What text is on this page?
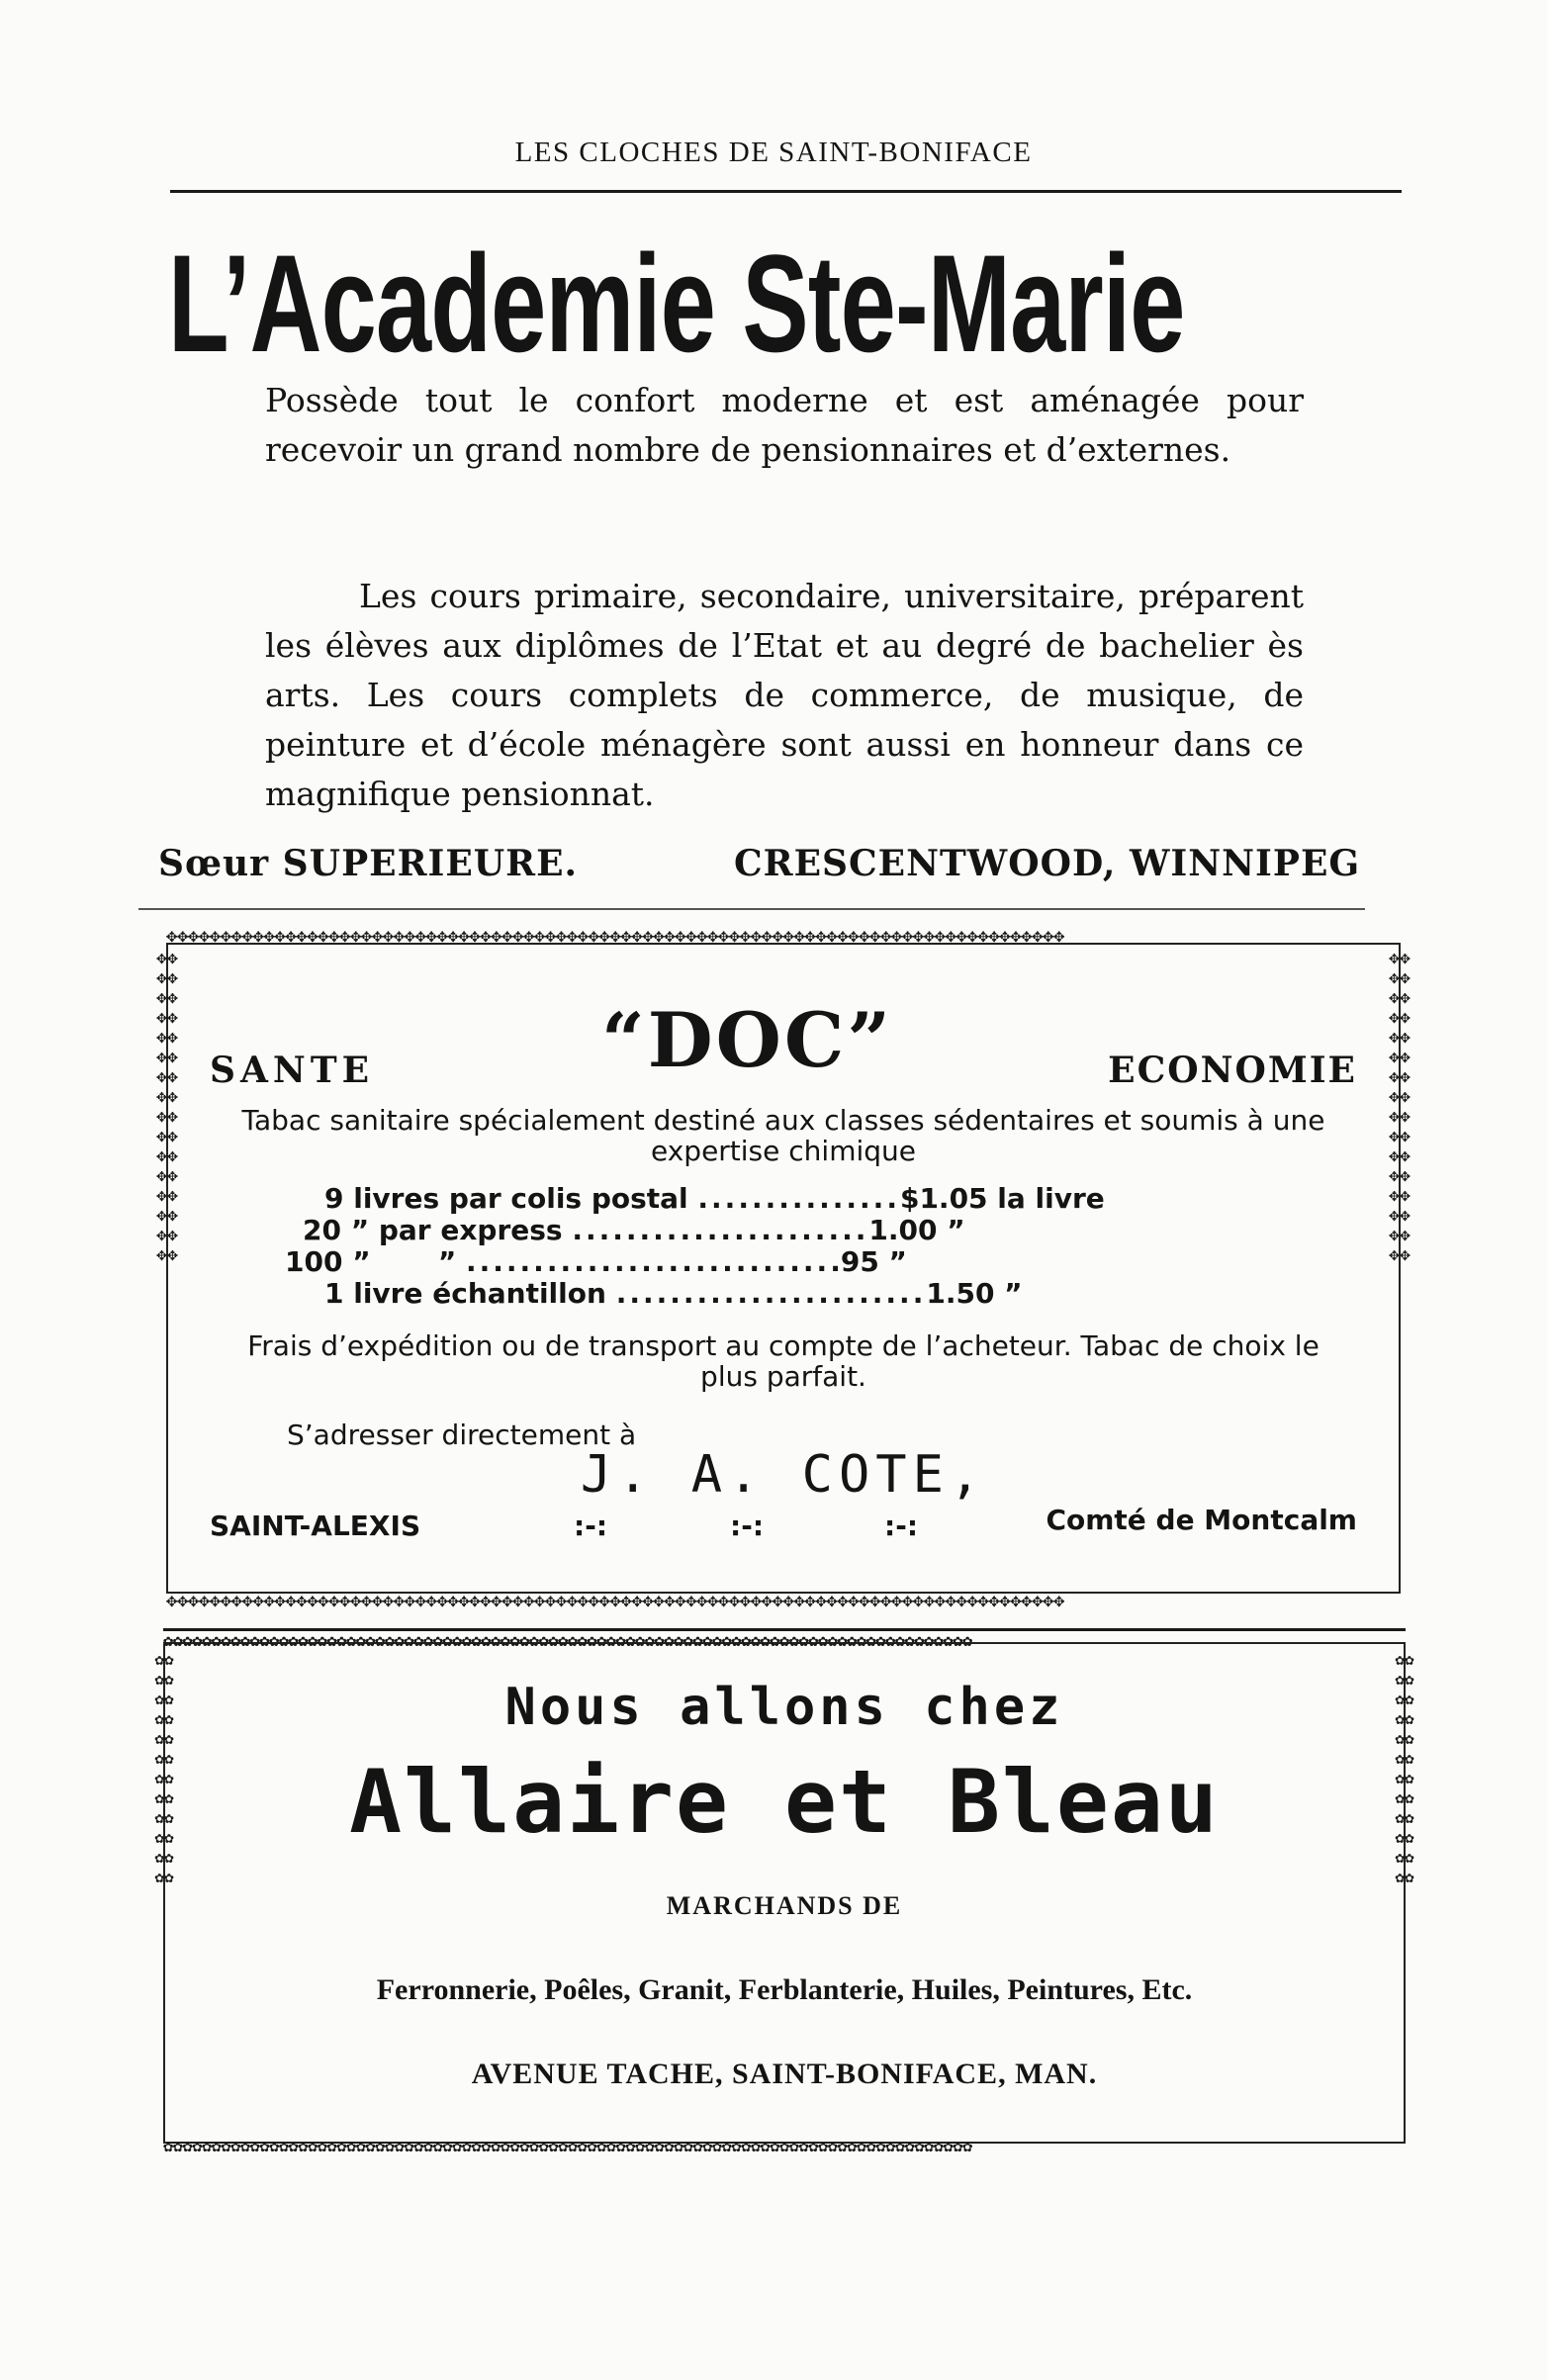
LES CLOCHES DE SAINT-BONIFACE
L’Academie Ste-Marie
Possède tout le confort moderne et est aménagée pour recevoir un grand nombre de pensionnaires et d’externes.
Les cours primaire, secondaire, universitaire, préparent les élèves aux diplômes de l’Etat et au degré de bachelier ès arts. Les cours complets de commerce, de musique, de peinture et d’école ménagère sont aussi en honneur dans ce magnifique pensionnat.
Sœur SUPERIEURE.	CRESCENTWOOD, WINNIPEG
✥✥✥✥✥✥✥✥✥✥✥✥✥✥✥✥✥✥✥✥✥✥✥✥✥✥✥✥✥✥✥✥✥✥✥✥✥✥✥✥✥✥✥✥✥✥✥✥✥✥✥✥✥✥✥✥✥✥✥✥✥✥✥✥✥✥✥✥✥✥✥✥✥✥✥✥✥✥✥✥✥✥✥
✥✥✥✥✥✥✥✥✥✥✥✥✥✥✥✥✥✥✥✥✥✥✥✥✥✥✥✥✥✥✥✥✥✥✥✥✥✥✥✥✥✥✥✥✥✥✥✥✥✥✥✥✥✥✥✥✥✥✥✥✥✥✥✥✥✥✥✥✥✥✥✥✥✥✥✥✥✥✥✥✥✥✥
✥✥✥✥✥✥✥✥✥✥✥✥✥✥✥✥✥✥✥✥✥✥✥✥✥✥✥✥✥✥✥✥
✥✥✥✥✥✥✥✥✥✥✥✥✥✥✥✥✥✥✥✥✥✥✥✥✥✥✥✥✥✥✥✥
SANTE	“DOC”	ECONOMIE
Tabac sanitaire spécialement destiné aux classes sédentaires et soumis à une expertise chimique
9 livres par colis postal ...............$1.05 la livre
20 ” par express ......................1.00 ”
100 ”       ” ............................95 ”
1 livre échantillon .......................1.50 ”
Frais d’expédition ou de transport au compte de l’acheteur. Tabac de choix le plus parfait.
S’adresser directement à
J. A. COTE,
SAINT-ALEXIS	:-:	:-:	:-:	Comté de Montcalm
✿✿✿✿✿✿✿✿✿✿✿✿✿✿✿✿✿✿✿✿✿✿✿✿✿✿✿✿✿✿✿✿✿✿✿✿✿✿✿✿✿✿✿✿✿✿✿✿✿✿✿✿✿✿✿✿✿✿✿✿✿✿✿✿✿✿✿✿✿✿✿✿✿✿✿✿✿✿✿✿✿✿✿✿
✿✿✿✿✿✿✿✿✿✿✿✿✿✿✿✿✿✿✿✿✿✿✿✿✿✿✿✿✿✿✿✿✿✿✿✿✿✿✿✿✿✿✿✿✿✿✿✿✿✿✿✿✿✿✿✿✿✿✿✿✿✿✿✿✿✿✿✿✿✿✿✿✿✿✿✿✿✿✿✿✿✿✿✿
✿✿✿✿✿✿✿✿✿✿✿✿✿✿✿✿✿✿✿✿✿✿✿✿
✿✿✿✿✿✿✿✿✿✿✿✿✿✿✿✿✿✿✿✿✿✿✿✿
Nous allons chez
Allaire et Bleau
MARCHANDS DE
Ferronnerie, Poêles, Granit, Ferblanterie, Huiles, Peintures, Etc.
AVENUE TACHE, SAINT-BONIFACE, MAN.
